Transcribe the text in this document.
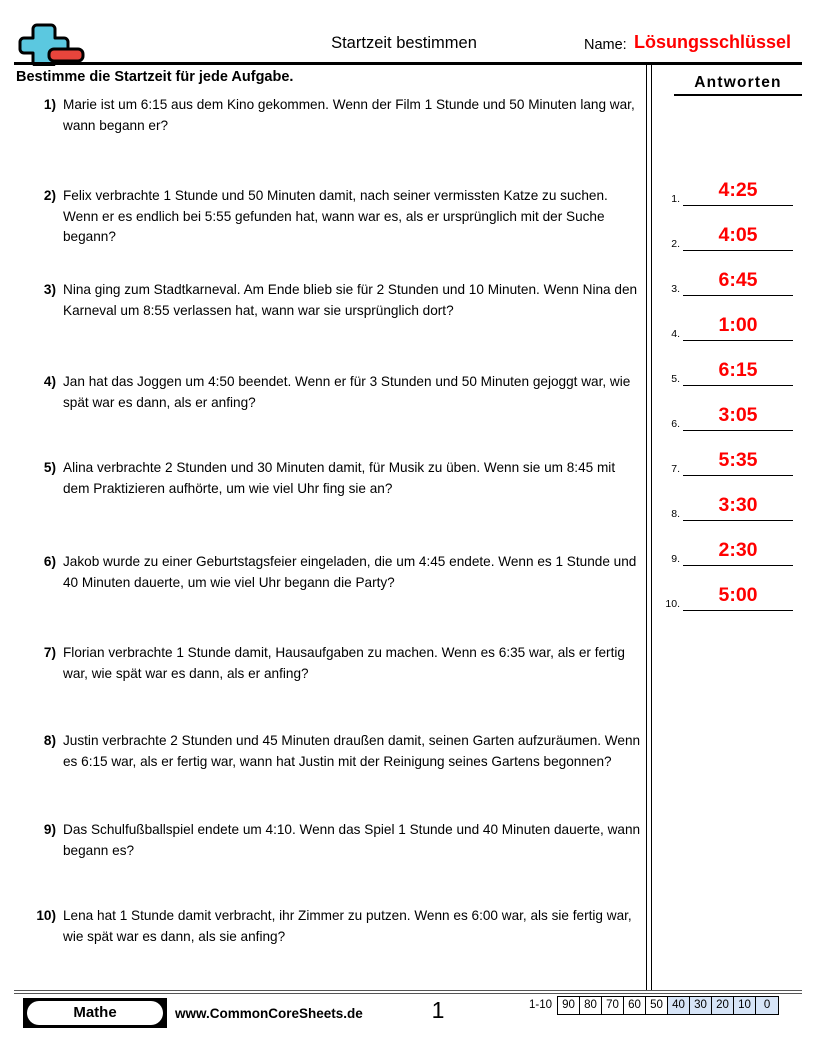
Startzeit bestimmen	Name: Lösungsschlüssel
Bestimme die Startzeit für jede Aufgabe.
1) Marie ist um 6:15 aus dem Kino gekommen. Wenn der Film 1 Stunde und 50 Minuten lang war, wann begann er?
2) Felix verbrachte 1 Stunde und 50 Minuten damit, nach seiner vermissten Katze zu suchen. Wenn er es endlich bei 5:55 gefunden hat, wann war es, als er ursprünglich mit der Suche begann?
3) Nina ging zum Stadtkarneval. Am Ende blieb sie für 2 Stunden und 10 Minuten. Wenn Nina den Karneval um 8:55 verlassen hat, wann war sie ursprünglich dort?
4) Jan hat das Joggen um 4:50 beendet. Wenn er für 3 Stunden und 50 Minuten gejoggt war, wie spät war es dann, als er anfing?
5) Alina verbrachte 2 Stunden und 30 Minuten damit, für Musik zu üben. Wenn sie um 8:45 mit dem Praktizieren aufhörte, um wie viel Uhr fing sie an?
6) Jakob wurde zu einer Geburtstagsfeier eingeladen, die um 4:45 endete. Wenn es 1 Stunde und 40 Minuten dauerte, um wie viel Uhr begann die Party?
7) Florian verbrachte 1 Stunde damit, Hausaufgaben zu machen. Wenn es 6:35 war, als er fertig war, wie spät war es dann, als er anfing?
8) Justin verbrachte 2 Stunden und 45 Minuten draußen damit, seinen Garten aufzuräumen. Wenn es 6:15 war, als er fertig war, wann hat Justin mit der Reinigung seines Gartens begonnen?
9) Das Schulfußballspiel endete um 4:10. Wenn das Spiel 1 Stunde und 40 Minuten dauerte, wann begann es?
10) Lena hat 1 Stunde damit verbracht, ihr Zimmer zu putzen. Wenn es 6:00 war, als sie fertig war, wie spät war es dann, als sie anfing?
Antworten
1.	4:25
2.	4:05
3.	6:45
4.	1:00
5.	6:15
6.	3:05
7.	5:35
8.	3:30
9.	2:30
10.	5:00
Mathe	www.CommonCoreSheets.de	1	1-10 90 80 70 60 50 40 30 20 10	0
